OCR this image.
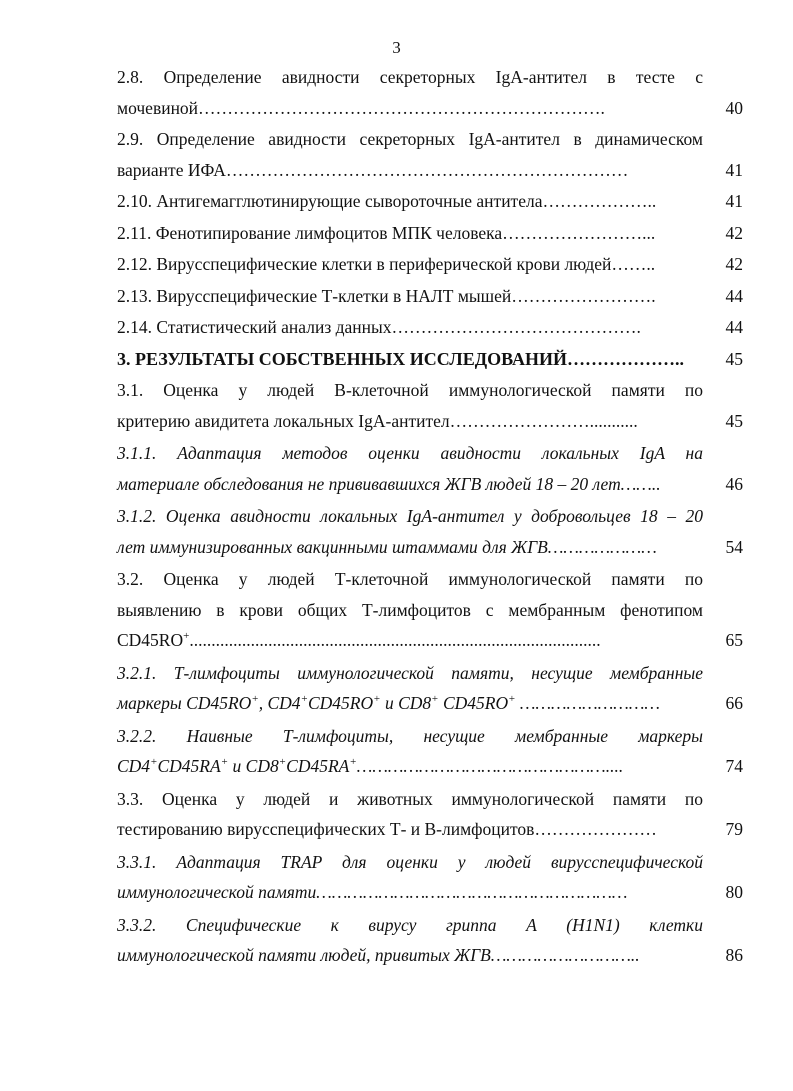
3
2.8. Определение авидности секреторных IgA-антител в тесте с
мочевиной…………………………………………………………….	40
2.9. Определение авидности секреторных IgA-антител в динамическом
варианте ИФА……………………………………………………………	41
2.10. Антигемагглютинирующие сывороточные антитела………………..	41
2.11. Фенотипирование лимфоцитов МПК человека……………………...	42
2.12. Вирусспецифические клетки в периферической крови людей……..	42
2.13. Вирусспецифические Т-клетки в НАЛТ мышей…………………….	44
2.14. Статистический анализ данных…………………………………….	44
3. РЕЗУЛЬТАТЫ СОБСТВЕННЫХ ИССЛЕДОВАНИЙ………………..	45
3.1. Оценка у людей В-клеточной иммунологической памяти по
критерию авидитета локальных IgA-антител……………………...........	45
3.1.1. Адаптация методов оценки авидности локальных IgA на
материале обследования не прививавшихся ЖГВ людей 18 – 20 лет……..	46
3.1.2. Оценка авидности локальных IgA-антител у добровольцев 18 – 20
лет иммунизированных вакцинными штаммами для ЖГВ…………………	54
3.2. Оценка у людей Т-клеточной иммунологической памяти по
выявлению в крови общих Т-лимфоцитов с мембранным фенотипом
CD45RO+..............................................................................................	65
3.2.1. Т-лимфоциты иммунологической памяти, несущие мембранные
маркеры CD45RO+, CD4+CD45RO+ и CD8+ CD45RO+ ………………………	66
3.2.2. Наивные Т-лимфоциты, несущие мембранные маркеры
CD4+CD45RA+ и CD8+CD45RA+…………………………………………....	74
3.3. Оценка у людей и животных иммунологической памяти по
тестированию вирусспецифических Т- и В-лимфоцитов…………………	79
3.3.1. Адаптация TRAP для оценки у людей вирусспецифической
иммунологической памяти……………………………………………………	80
3.3.2. Специфические к вирусу гриппа А (H1N1) клетки
иммунологической памяти людей, привитых ЖГВ………………………..	86
